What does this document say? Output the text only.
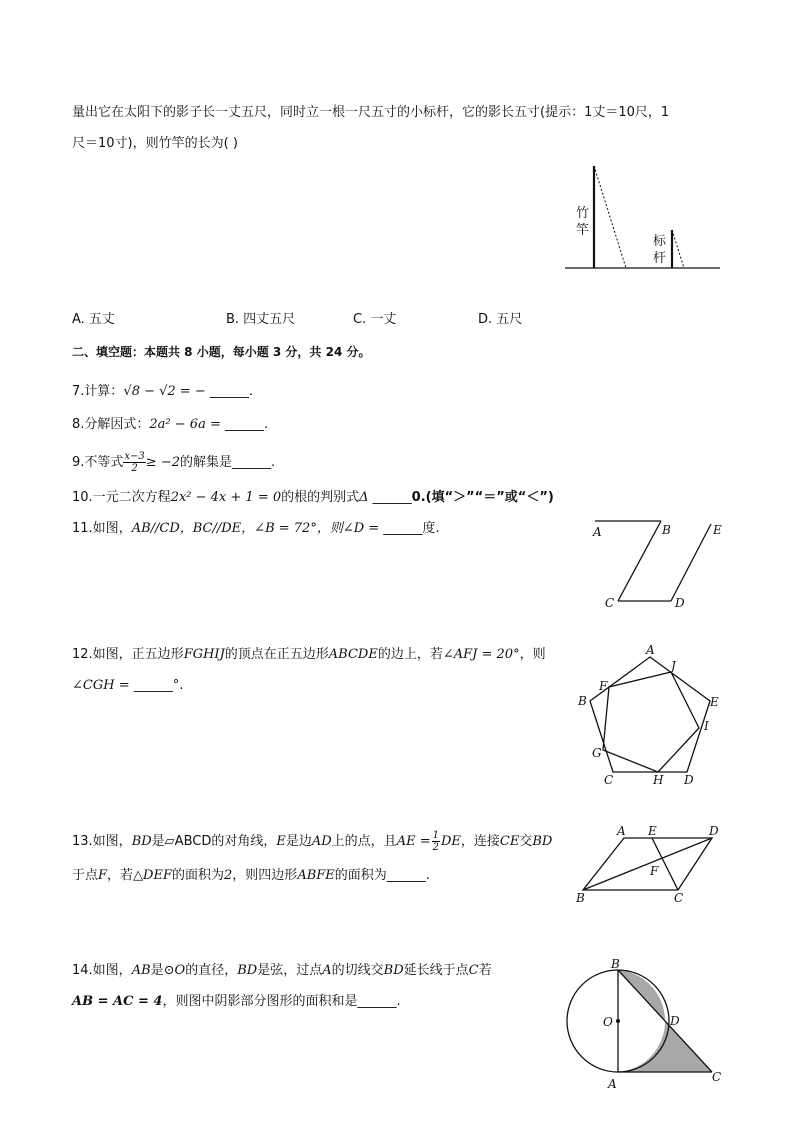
量出它在太阳下的影子长一丈五尺，同时立一根一尺五寸的小标杆，它的影长五寸(提示：1丈＝10尺，1
尺＝10寸)，则竹竿的长为( )
竹
竿
标
杆
A. 五丈	B. 四丈五尺	C. 一丈	D. 五尺
二、填空题：本题共 8 小题，每小题 3 分，共 24 分。
7.计算：√8 − √2 = − ______.
8.分解因式：2a² − 6a = ______.
9.不等式 $\frac{x-3}{2} \ge -2$的解集是______.
10.一元二次方程2x² − 4x + 1 = 0的根的判别式Δ ______0.(填“＞”“＝”或“＜”)
11.如图，AB//CD，BC//DE，∠B = 72°，则∠D = ______度.	A	B
C	D
E
12.如图，正五边形FGHIJ的顶点在正五边形ABCDE的边上，若∠AFJ = 20°，则
∠CGH = ______°.
A
B
C	D
E
F
G
H
I
J
13.如图，BD是▱ABCD的对角线，E是边AD上的点，且AE = $\frac{1}{2}$ DE，连接CE交BD
于点F，若△DEF的面积为2，则四边形ABFE的面积为______.
A E	D
F
B	C
14.如图，AB是⊙O的直径，BD是弦，过点A的切线交BD延长线于点C若
AB = AC = 4，则图中阴影部分图形的面积和是______.
B
O	D
A	C
